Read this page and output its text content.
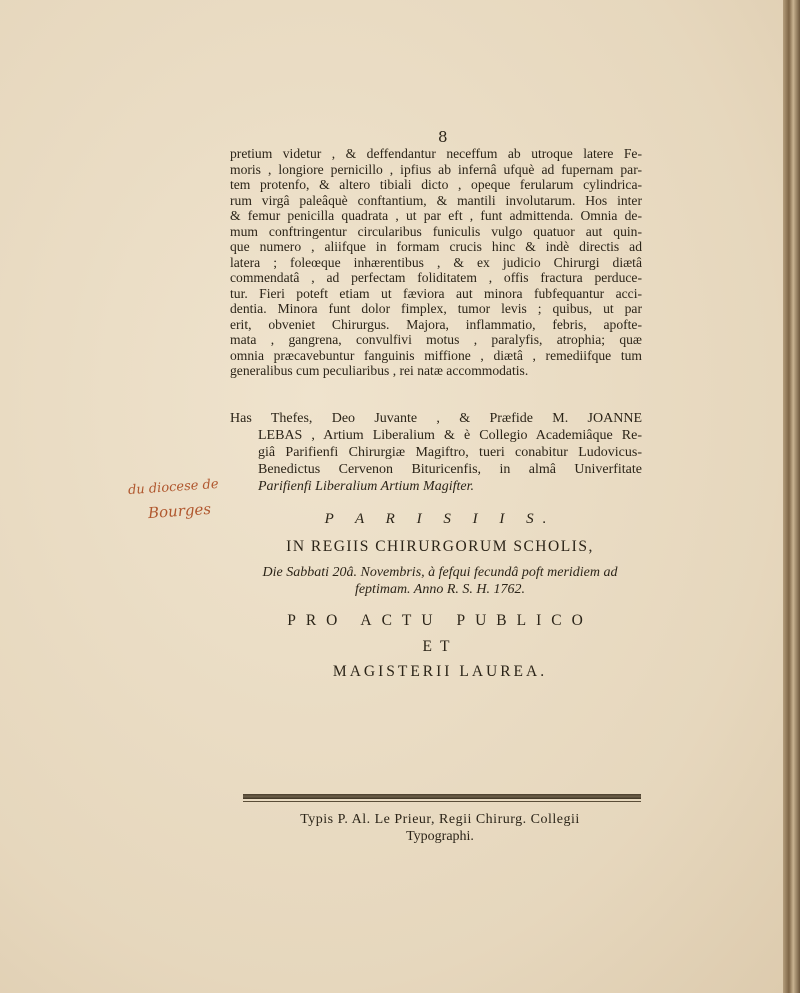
8
pretium videtur , & deffendantur neceffum ab utroque latere Fe-
moris , longiore pernicillo , ipfius ab infernâ ufquè ad fupernam par-
tem protenfo, & altero tibiali dicto , opeque ferularum cylindrica-
rum virgâ paleâquè conftantium, & mantili involutarum. Hos inter
& femur penicilla quadrata , ut par eft , funt admittenda. Omnia de-
mum conftringentur circularibus funiculis vulgo quatuor aut quin-
que numero , aliifque in formam crucis hinc & indè directis ad
latera ; foleœque inhærentibus , & ex judicio Chirurgi diætâ
commendatâ , ad perfectam foliditatem , offis fractura perduce-
tur. Fieri poteft etiam ut fæviora aut minora fubfequantur acci-
dentia. Minora funt dolor fimplex, tumor levis ; quibus, ut par
erit, obveniet Chirurgus. Majora, inflammatio, febris, apofte-
mata , gangrena, convulfivi motus , paralyfis, atrophia; quæ
omnia præcavebuntur fanguinis miffione , diætâ , remediifque tum
generalibus cum peculiaribus , rei natæ accommodatis.
Has Thefes, Deo Juvante , & Præfide M. JOANNE
LEBAS , Artium Liberalium & è Collegio Academiâque Re-
giâ Parifienfi Chirurgiæ Magiftro, tueri conabitur Ludovicus-
Benedictus Cervenon Bituricenfis, in almâ Univerfitate
Parifienfi Liberalium Artium Magifter.
du diocese de
Bourges	P A R I S I I S.
IN REGIIS CHIRURGORUM SCHOLIS,
Die Sabbati 20â. Novembris, à fefqui fecundâ poft meridiem ad
feptimam. Anno R. S. H. 1762.
PRO ACTU PUBLICO
ET
MAGISTERII LAUREA.
Typis P. Al. Le Prieur, Regii Chirurg. Collegii
Typographi.
